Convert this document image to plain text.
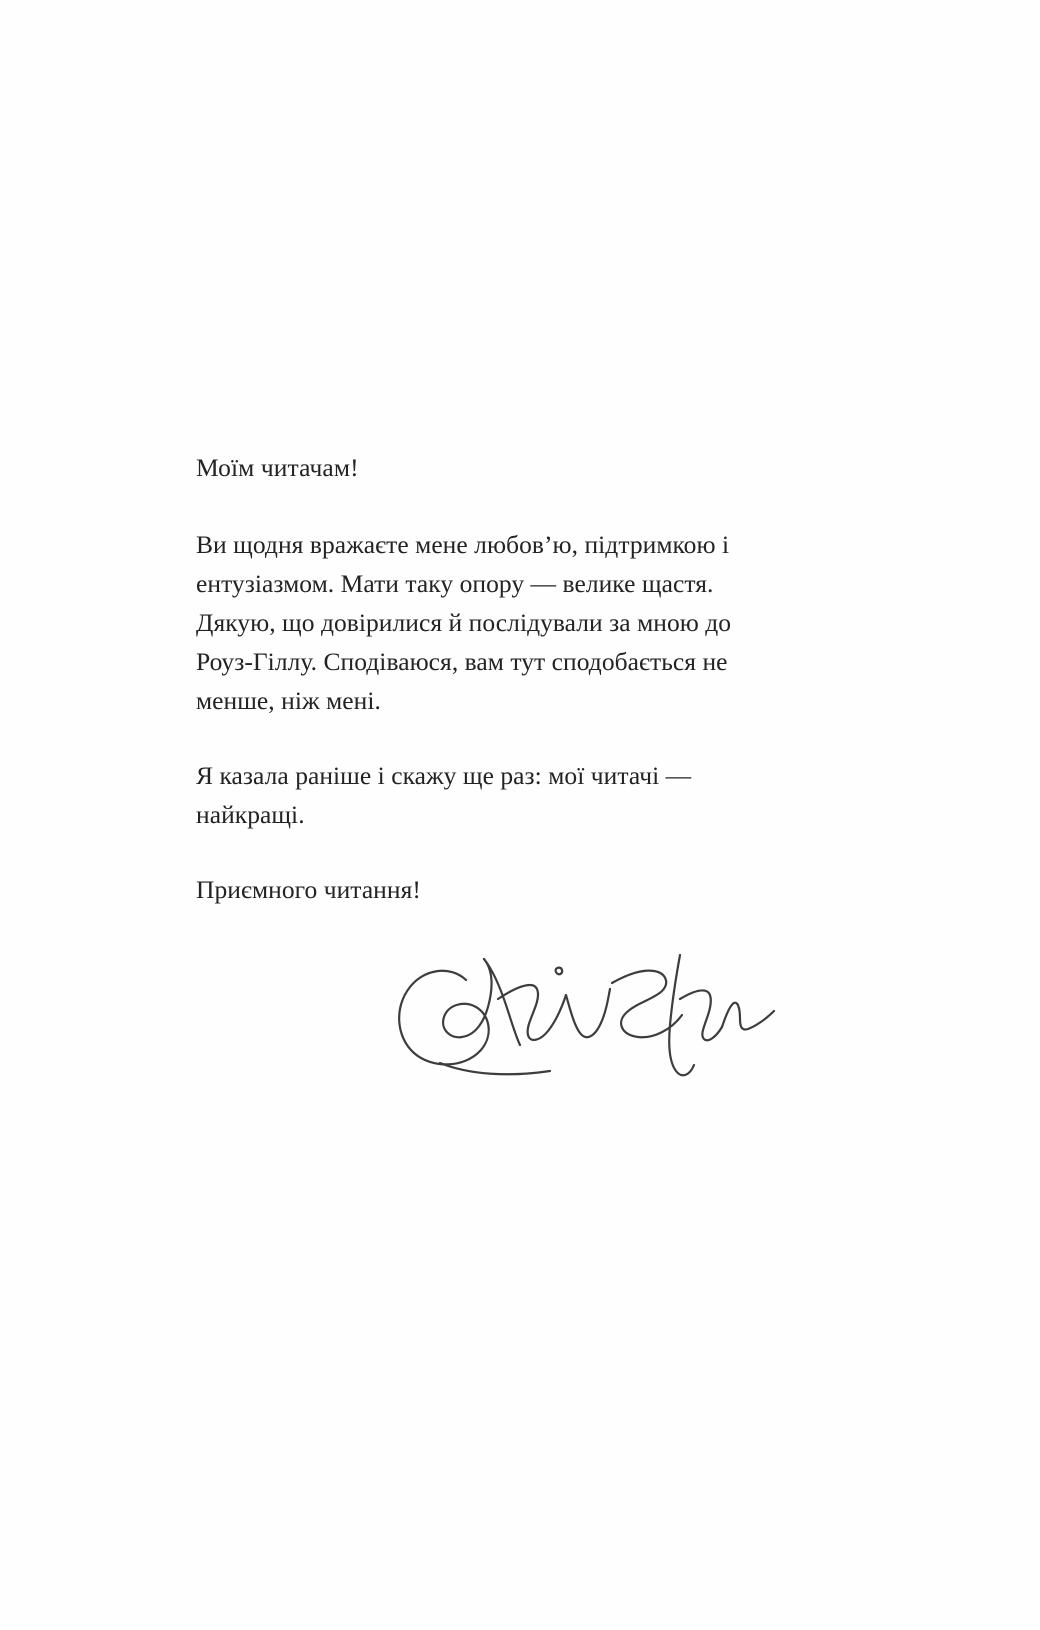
Моїм читачам!

Ви щодня вражаєте мене любов’ю, підтримкою і ентузіазмом. Мати таку опору — велике щастя. Дякую, що довірилися й послідували за мною до Роуз-Гіллу. Сподіваюся, вам тут сподобається не менше, ніж мені.

Я казала раніше і скажу ще раз: мої читачі — найкращі.

Приємного читання!
